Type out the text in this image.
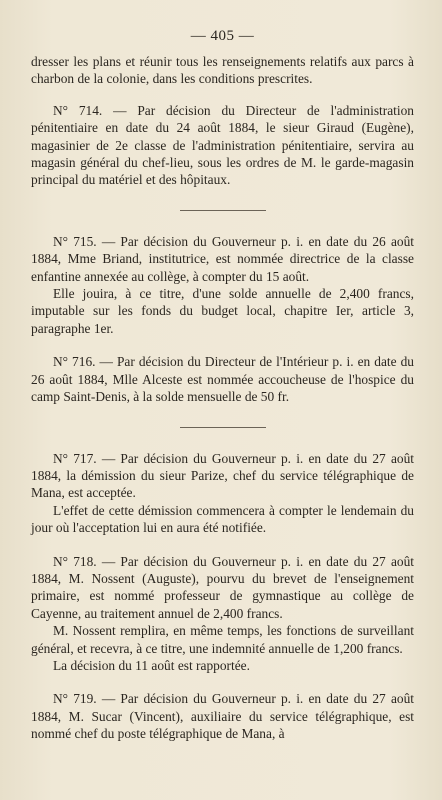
— 405 —

dresser les plans et réunir tous les renseignements relatifs aux parcs à charbon de la colonie, dans les conditions prescrites.

N° 714. — Par décision du Directeur de l'administration pénitentiaire en date du 24 août 1884, le sieur Giraud (Eugène), magasinier de 2e classe de l'administration pénitentiaire, servira au magasin général du chef-lieu, sous les ordres de M. le garde-magasin principal du matériel et des hôpitaux.

N° 715. — Par décision du Gouverneur p. i. en date du 26 août 1884, Mme Briand, institutrice, est nommée directrice de la classe enfantine annexée au collège, à compter du 15 août.

Elle jouira, à ce titre, d'une solde annuelle de 2,400 francs, imputable sur les fonds du budget local, chapitre Ier, article 3, paragraphe 1er.

N° 716. — Par décision du Directeur de l'Intérieur p. i. en date du 26 août 1884, Mlle Alceste est nommée accoucheuse de l'hospice du camp Saint-Denis, à la solde mensuelle de 50 fr.

N° 717. — Par décision du Gouverneur p. i. en date du 27 août 1884, la démission du sieur Parize, chef du service télégraphique de Mana, est acceptée.

L'effet de cette démission commencera à compter le lendemain du jour où l'acceptation lui en aura été notifiée.

N° 718. — Par décision du Gouverneur p. i. en date du 27 août 1884, M. Nossent (Auguste), pourvu du brevet de l'enseignement primaire, est nommé professeur de gymnastique au collège de Cayenne, au traitement annuel de 2,400 francs.

M. Nossent remplira, en même temps, les fonctions de surveillant général, et recevra, à ce titre, une indemnité annuelle de 1,200 francs.

La décision du 11 août est rapportée.

N° 719. — Par décision du Gouverneur p. i. en date du 27 août 1884, M. Sucar (Vincent), auxiliaire du service télégraphique, est nommé chef du poste télégraphique de Mana, à
